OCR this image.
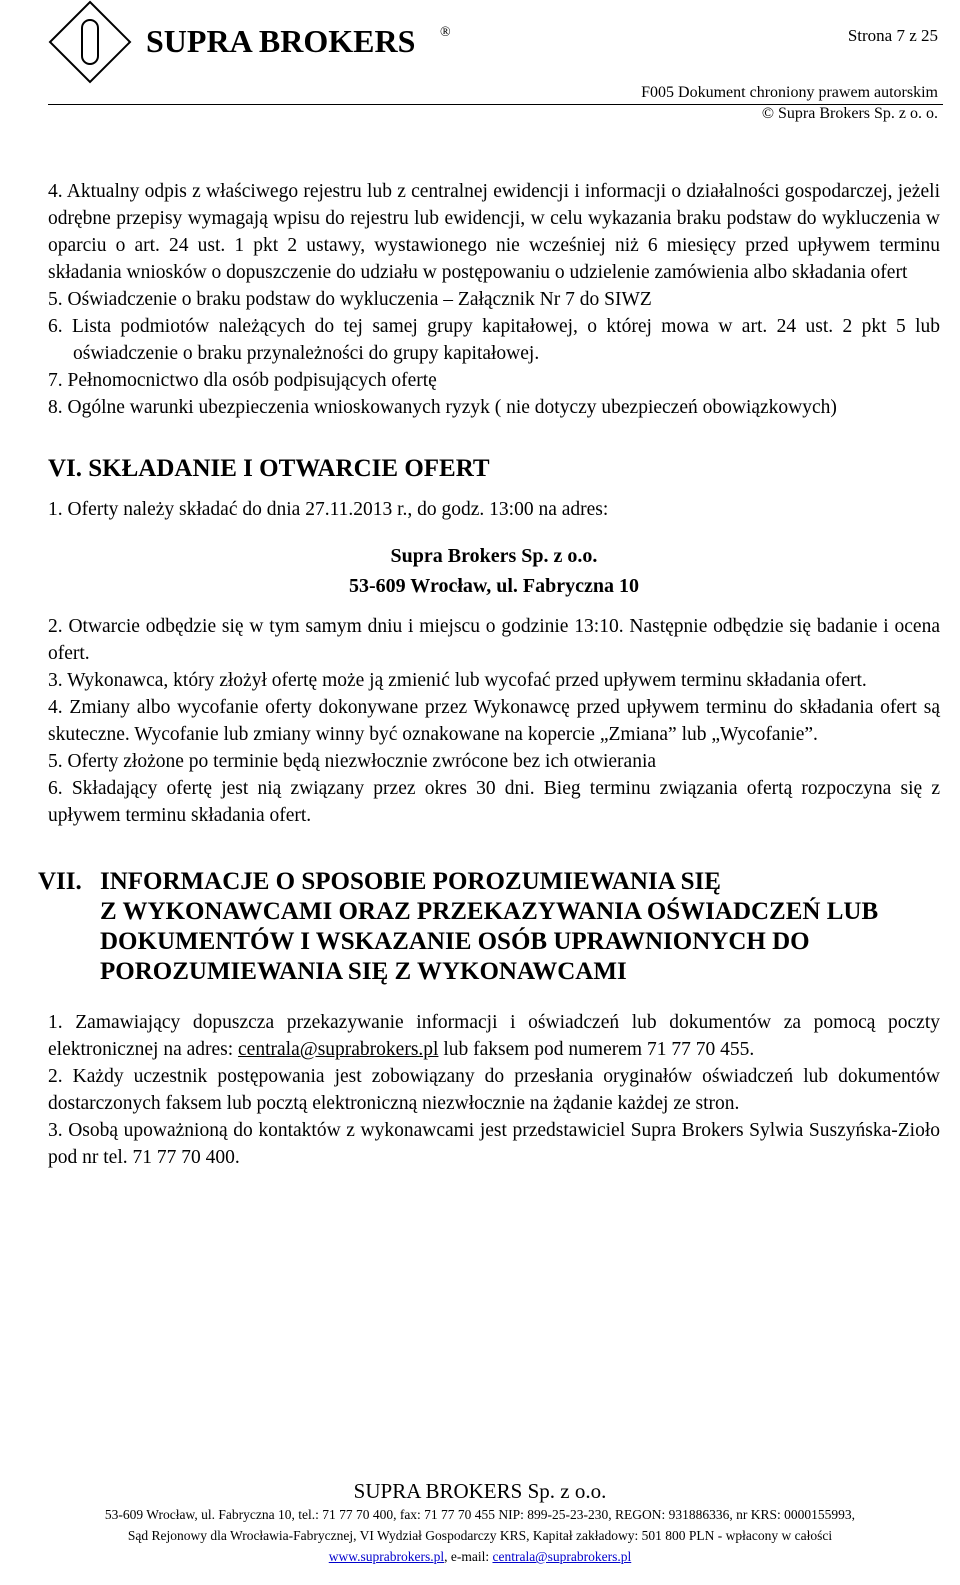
SUPRA BROKERS ®	Strona 7 z 25
F005 Dokument chroniony prawem autorskim
© Supra Brokers Sp. z o. o.

4. Aktualny odpis z właściwego rejestru lub z centralnej ewidencji i informacji o działalności gospodarczej, jeżeli odrębne przepisy wymagają wpisu do rejestru lub ewidencji, w celu wykazania braku podstaw do wykluczenia w oparciu o art. 24 ust. 1 pkt 2 ustawy, wystawionego nie wcześniej niż 6 miesięcy przed upływem terminu składania wniosków o dopuszczenie do udziału w postępowaniu o udzielenie zamówienia albo składania ofert

5. Oświadczenie o braku podstaw do wykluczenia – Załącznik Nr 7 do SIWZ

6. Lista podmiotów należących do tej samej grupy kapitałowej, o której mowa w art. 24 ust. 2 pkt 5 lub oświadczenie o braku przynależności do grupy kapitałowej.

7. Pełnomocnictwo dla osób podpisujących ofertę

8. Ogólne warunki ubezpieczenia wnioskowanych ryzyk ( nie dotyczy ubezpieczeń obowiązkowych)

VI. SKŁADANIE I OTWARCIE OFERT

1. Oferty należy składać do dnia 27.11.2013 r., do godz. 13:00 na adres:

Supra Brokers Sp. z o.o.

53-609 Wrocław, ul. Fabryczna 10

2. Otwarcie odbędzie się w tym samym dniu i miejscu o godzinie 13:10. Następnie odbędzie się badanie i ocena ofert.

3. Wykonawca, który złożył ofertę może ją zmienić lub wycofać przed upływem terminu składania ofert.

4. Zmiany albo wycofanie oferty dokonywane przez Wykonawcę przed upływem terminu do składania ofert są skuteczne. Wycofanie lub zmiany winny być oznakowane na kopercie „Zmiana” lub „Wycofanie”.

5. Oferty złożone po terminie będą niezwłocznie zwrócone bez ich otwierania

6. Składający ofertę jest nią związany przez okres 30 dni. Bieg terminu związania ofertą rozpoczyna się z upływem terminu składania ofert.

VII. INFORMACJE O SPOSOBIE POROZUMIEWANIA SIĘ
Z WYKONAWCAMI ORAZ PRZEKAZYWANIA OŚWIADCZEŃ LUB
DOKUMENTÓW I WSKAZANIE OSÓB UPRAWNIONYCH DO
POROZUMIEWANIA SIĘ Z WYKONAWCAMI

1. Zamawiający dopuszcza przekazywanie informacji i oświadczeń lub dokumentów za pomocą poczty elektronicznej na adres: centrala@suprabrokers.pl lub faksem pod numerem 71 77 70 455.

2. Każdy uczestnik postępowania jest zobowiązany do przesłania oryginałów oświadczeń lub dokumentów dostarczonych faksem lub pocztą elektroniczną niezwłocznie na żądanie każdej ze stron.

3. Osobą upoważnioną do kontaktów z wykonawcami jest przedstawiciel Supra Brokers Sylwia Suszyńska-Zioło pod nr tel. 71 77 70 400.

SUPRA BROKERS Sp. z o.o.
53-609 Wrocław, ul. Fabryczna 10, tel.: 71 77 70 400, fax: 71 77 70 455 NIP: 899-25-23-230, REGON: 931886336, nr KRS: 0000155993,
Sąd Rejonowy dla Wrocławia-Fabrycznej, VI Wydział Gospodarczy KRS, Kapitał zakładowy: 501 800 PLN - wpłacony w całości
www.suprabrokers.pl, e-mail: centrala@suprabrokers.pl
